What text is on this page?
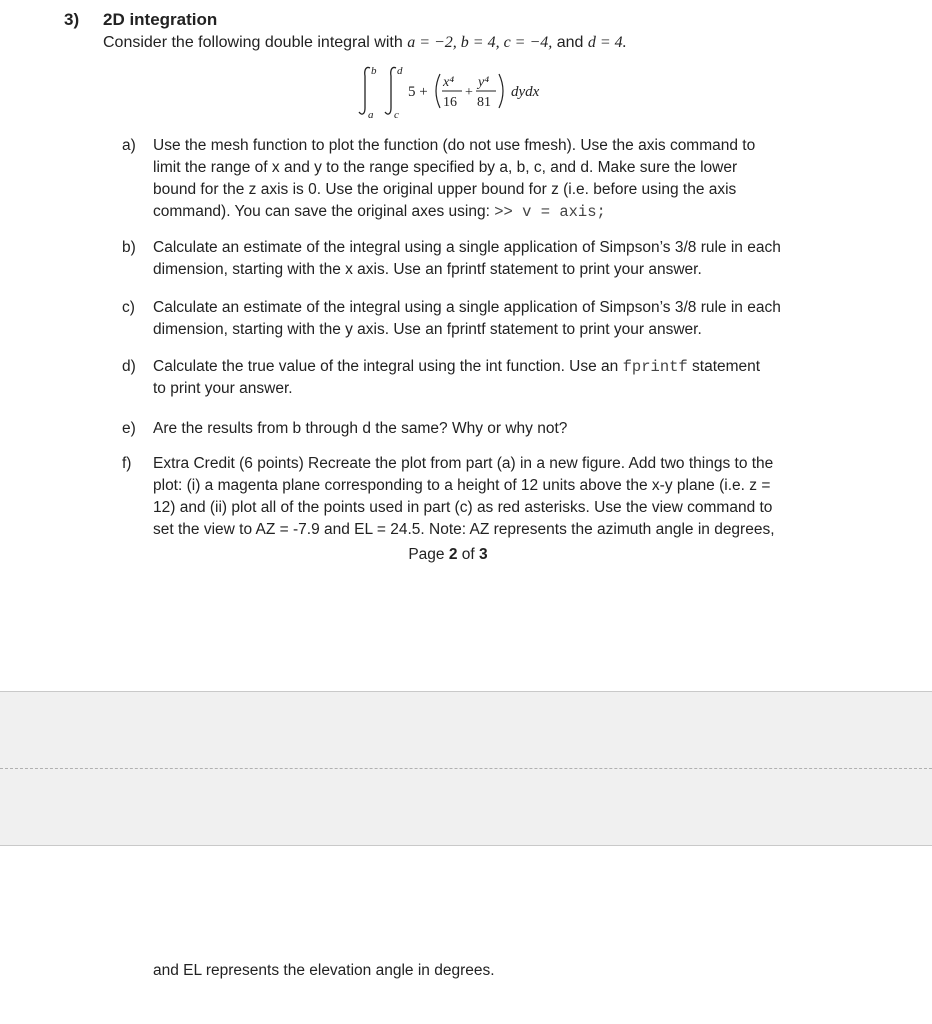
3) 2D integration
Consider the following double integral with a = −2, b = 4, c = −4, and d = 4.
b
a
d
c
5 +
x⁴
16
+
y⁴
81
dydx
a) Use the mesh function to plot the function (do not use fmesh). Use the axis command to
limit the range of x and y to the range specified by a, b, c, and d. Make sure the lower
bound for the z axis is 0. Use the original upper bound for z (i.e. before using the axis
command). You can save the original axes using: >> v = axis;
b) Calculate an estimate of the integral using a single application of Simpson’s 3/8 rule in each
dimension, starting with the x axis. Use an fprintf statement to print your answer.
c) Calculate an estimate of the integral using a single application of Simpson’s 3/8 rule in each
dimension, starting with the y axis. Use an fprintf statement to print your answer.
d) Calculate the true value of the integral using the int function. Use an fprintf statement
to print your answer.
e) Are the results from b through d the same? Why or why not?
f) Extra Credit (6 points) Recreate the plot from part (a) in a new figure. Add two things to the
plot: (i) a magenta plane corresponding to a height of 12 units above the x-y plane (i.e. z =
12) and (ii) plot all of the points used in part (c) as red asterisks. Use the view command to
set the view to AZ = -7.9 and EL = 24.5. Note: AZ represents the azimuth angle in degrees,
Page 2 of 3
and EL represents the elevation angle in degrees.
